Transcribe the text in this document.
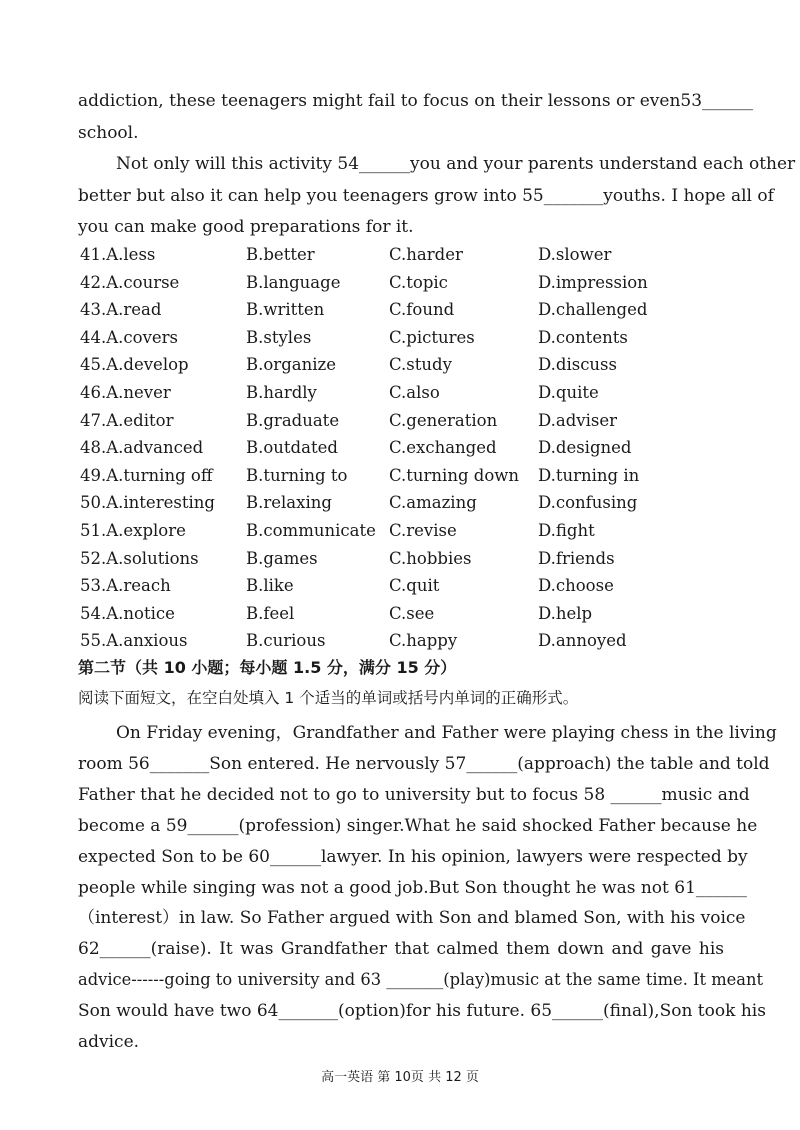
addiction, these teenagers might fail to focus on their lessons or even53______
school.
Not only will this activity 54______you and your parents understand each other
better but also it can help you teenagers grow into 55_______youths. I hope all of
you can make good preparations for it.
41.A.less	B.better	C.harder	D.slower
42.A.course	B.language	C.topic	D.impression
43.A.read	B.written	C.found	D.challenged
44.A.covers	B.styles	C.pictures	D.contents
45.A.develop	B.organize	C.study	D.discuss
46.A.never	B.hardly	C.also	D.quite
47.A.editor	B.graduate	C.generation	D.adviser
48.A.advanced	B.outdated	C.exchanged	D.designed
49.A.turning off	B.turning to	C.turning down	D.turning in
50.A.interesting	B.relaxing	C.amazing	D.confusing
51.A.explore	B.communicate C.revise	D.fight
52.A.solutions	B.games	C.hobbies	D.friends
53.A.reach	B.like	C.quit	D.choose
54.A.notice	B.feel	C.see	D.help
55.A.anxious	B.curious	C.happy	D.annoyed
第二节（共 10 小题；每小题 1.5 分，满分 15 分）
阅读下面短文，在空白处填入 1 个适当的单词或括号内单词的正确形式。
On Friday evening，Grandfather and Father were playing chess in the living
room 56_______Son entered. He nervously 57______(approach) the table and told
Father that he decided not to go to university but to focus 58 ______music and
become a 59______(profession) singer.What he said shocked Father because he
expected Son to be 60______lawyer. In his opinion, lawyers were respected by
people while singing was not a good job.But Son thought he was not 61______
（interest）in law. So Father argued with Son and blamed Son, with his voice
62______(raise). It was Grandfather that calmed them down and gave his
advice------going to university and 63 _______(play)music at the same time. It meant
Son would have two 64_______(option)for his future. 65______(final),Son took his
advice.
高一英语 第 10页 共 12 页
